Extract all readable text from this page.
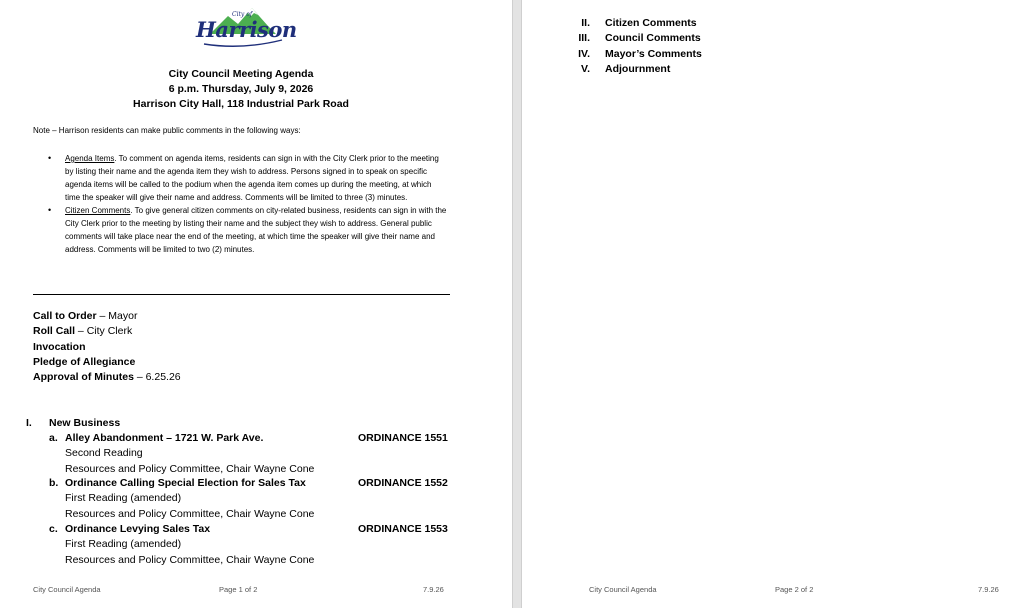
City of
Harrison
City Council Meeting Agenda
6 p.m. Thursday, July 9, 2026
Harrison City Hall, 118 Industrial Park Road
Note – Harrison residents can make public comments in the following ways:
• Agenda Items. To comment on agenda items, residents can sign in with the City Clerk prior to the meeting by listing their name and the agenda item they wish to address. Persons signed in to speak on specific agenda items will be called to the podium when the agenda item comes up during the meeting, at which time the speaker will give their name and address. Comments will be limited to three (3) minutes.
• Citizen Comments. To give general citizen comments on city-related business, residents can sign in with the City Clerk prior to the meeting by listing their name and the subject they wish to address. General public comments will take place near the end of the meeting, at which time the speaker will give their name and address. Comments will be limited to two (2) minutes.
Call to Order – Mayor
Roll Call – City Clerk
Invocation
Pledge of Allegiance
Approval of Minutes – 6.25.26
I. New Business
a. Alley Abandonment – 1721 W. Park Ave.	ORDINANCE 1551
Second Reading
Resources and Policy Committee, Chair Wayne Cone
b. Ordinance Calling Special Election for Sales Tax	ORDINANCE 1552
First Reading (amended)
Resources and Policy Committee, Chair Wayne Cone
c. Ordinance Levying Sales Tax	ORDINANCE 1553
First Reading (amended)
Resources and Policy Committee, Chair Wayne Cone
City Council Agenda	Page 1 of 2	7.9.26
II. Citizen Comments
III. Council Comments
IV. Mayor’s Comments
V. Adjournment
City Council Agenda	Page 2 of 2	7.9.26
